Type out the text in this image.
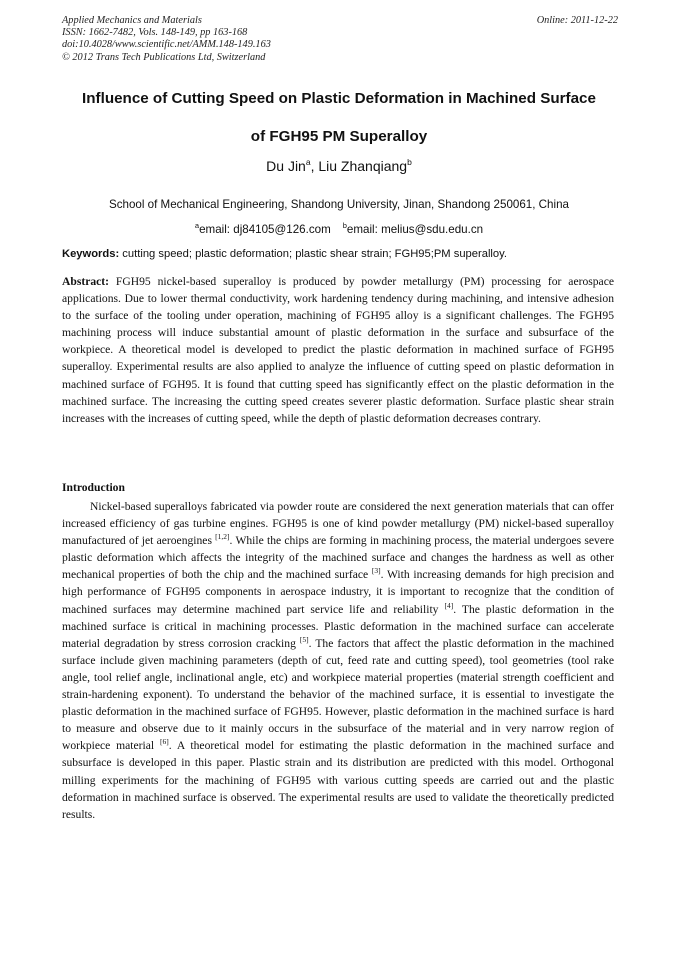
Applied Mechanics and Materials
ISSN: 1662-7482, Vols. 148-149, pp 163-168
doi:10.4028/www.scientific.net/AMM.148-149.163
© 2012 Trans Tech Publications Ltd, Switzerland
Online: 2011-12-22
Influence of Cutting Speed on Plastic Deformation in Machined Surface
of FGH95 PM Superalloy
Du Jin$^a$, Liu Zhanqiang$^b$
School of Mechanical Engineering, Shandong University, Jinan, Shandong 250061, China
$^a$email: dj84105@126.com $^b$email: melius@sdu.edu.cn
Keywords: cutting speed; plastic deformation; plastic shear strain; FGH95;PM superalloy.
Abstract: FGH95 nickel-based superalloy is produced by powder metallurgy (PM) processing for aerospace applications. Due to lower thermal conductivity, work hardening tendency during machining, and intensive adhesion to the surface of the tooling under operation, machining of FGH95 alloy is a significant challenges. The FGH95 machining process will induce substantial amount of plastic deformation in the surface and subsurface of the workpiece. A theoretical model is developed to predict the plastic deformation in machined surface of FGH95 superalloy. Experimental results are also applied to analyze the influence of cutting speed on plastic deformation in machined surface of FGH95. It is found that cutting speed has significantly effect on the plastic deformation in the machined surface. The increasing the cutting speed creates severer plastic deformation. Surface plastic shear strain increases with the increases of cutting speed, while the depth of plastic deformation decreases contrary.
Introduction
Nickel-based superalloys fabricated via powder route are considered the next generation materials that can offer increased efficiency of gas turbine engines. FGH95 is one of kind powder metallurgy (PM) nickel-based superalloy manufactured of jet aeroengines [1,2]. While the chips are forming in machining process, the material undergoes severe plastic deformation which affects the integrity of the machined surface and changes the hardness as well as other mechanical properties of both the chip and the machined surface [3]. With increasing demands for high precision and high performance of FGH95 components in aerospace industry, it is important to recognize that the condition of machined surfaces may determine machined part service life and reliability [4]. The plastic deformation in the machined surface is critical in machining processes. Plastic deformation in the machined surface can accelerate material degradation by stress corrosion cracking [5]. The factors that affect the plastic deformation in the machined surface include given machining parameters (depth of cut, feed rate and cutting speed), tool geometries (tool rake angle, tool relief angle, inclinational angle, etc) and workpiece material properties (material strength coefficient and strain-hardening exponent). To understand the behavior of the machined surface, it is essential to investigate the plastic deformation in the machined surface of FGH95. However, plastic deformation in the machined surface is hard to measure and observe due to it mainly occurs in the subsurface of the material and in very narrow region of workpiece material [6]. A theoretical model for estimating the plastic deformation in the machined surface and subsurface is developed in this paper. Plastic strain and its distribution are predicted with this model. Orthogonal milling experiments for the machining of FGH95 with various cutting speeds are carried out and the plastic deformation in machined surface is observed. The experimental results are used to validate the theoretically predicted results.
